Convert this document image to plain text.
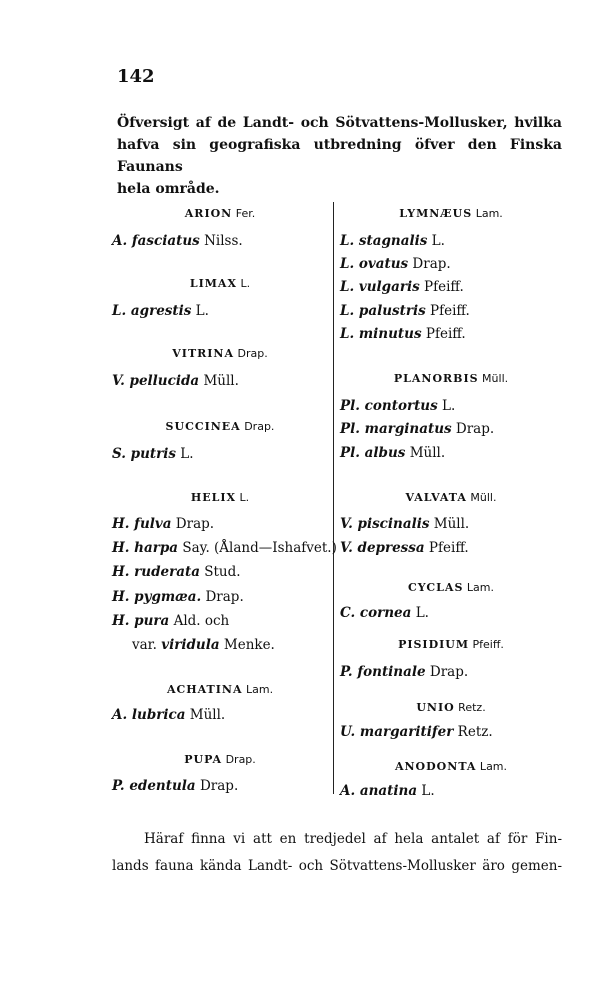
142
Öfversigt af de Landt- och Sötvattens-Mollusker, hvilka
hafva sin geografiska utbredning öfver den Finska Faunans
hela område.
ARION Fer.
A. fasciatus Nilss.
LIMAX L.
L. agrestis L.
VITRINA Drap.
V. pellucida Müll.
SUCCINEA Drap.
S. putris L.
HELIX L.
H. fulva Drap.
H. harpa Say. (Åland—Ishafvet.)
H. ruderata Stud.
H. pygmæa. Drap.
H. pura Ald. och
var. viridula Menke.
ACHATINA Lam.
A. lubrica Müll.
PUPA Drap.
P. edentula Drap.
LYMNÆUS Lam.
L. stagnalis L.
L. ovatus Drap.
L. vulgaris Pfeiff.
L. palustris Pfeiff.
L. minutus Pfeiff.
PLANORBIS Müll.
Pl. contortus L.
Pl. marginatus Drap.
Pl. albus Müll.
VALVATA Müll.
V. piscinalis Müll.
V. depressa Pfeiff.
CYCLAS Lam.
C. cornea L.
PISIDIUM Pfeiff.
P. fontinale Drap.
UNIO Retz.
U. margaritifer Retz.
ANODONTA Lam.
A. anatina L.
Häraf finna vi att en tredjedel af hela antalet af för Fin-
lands fauna kända Landt- och Sötvattens-Mollusker äro gemen-
